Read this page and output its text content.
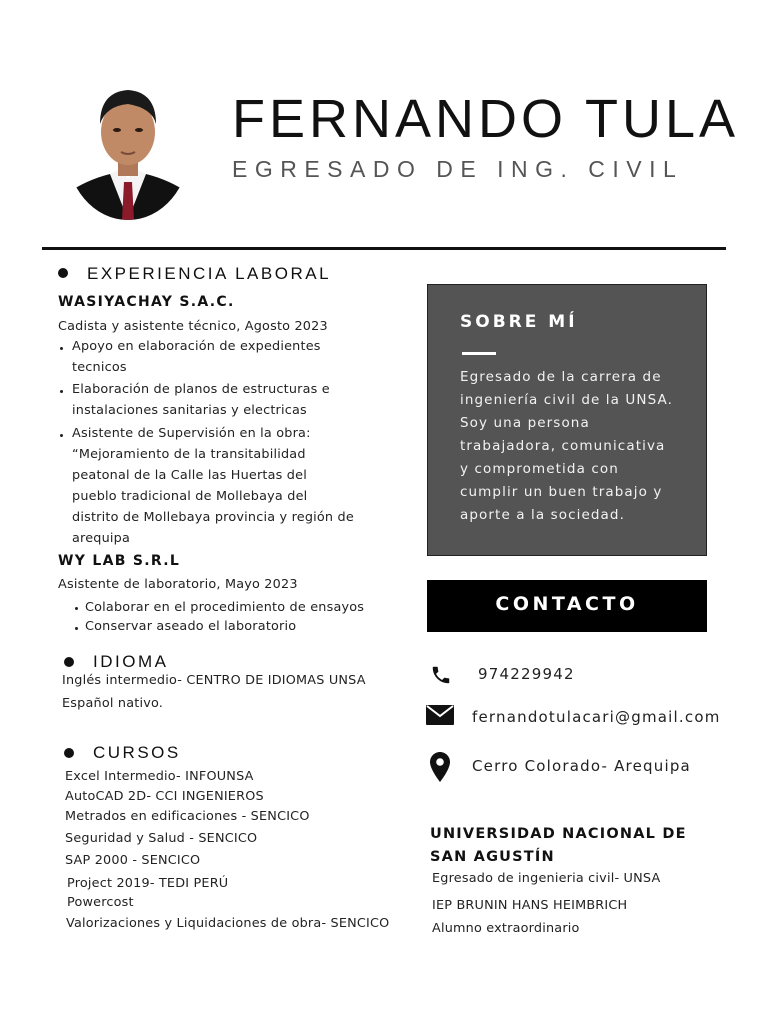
FERNANDO TULA
EGRESADO DE ING. CIVIL
EXPERIENCIA LABORAL
WASIYACHAY S.A.C.
Cadista y asistente técnico, Agosto 2023
Apoyo en elaboración de expedientes
tecnicos
Elaboración de planos de estructuras e
instalaciones sanitarias y electricas
Asistente de Supervisión en la obra:
“Mejoramiento de la transitabilidad
peatonal de la Calle las Huertas del
pueblo tradicional de Mollebaya del
distrito de Mollebaya provincia y región de
arequipa
WY LAB S.R.L
Asistente de laboratorio, Mayo 2023
Colaborar en el procedimiento de ensayos
Conservar aseado el laboratorio
IDIOMA
Inglés intermedio- CENTRO DE IDIOMAS UNSA
Español nativo.
CURSOS
Excel Intermedio- INFOUNSA
AutoCAD 2D- CCI INGENIEROS
Metrados en edificaciones - SENCICO
Seguridad y Salud - SENCICO
SAP 2000 - SENCICO
Project 2019- TEDI PERÚ
Powercost
Valorizaciones y Liquidaciones de obra- SENCICO
SOBRE MÍ
Egresado de la carrera de
ingeniería civil de la UNSA.
Soy una persona
trabajadora, comunicativa
y comprometida con
cumplir un buen trabajo y
aporte a la sociedad.
CONTACTO
974229942
fernandotulacari@gmail.com
Cerro Colorado- Arequipa
UNIVERSIDAD NACIONAL DE
SAN AGUSTÍN
Egresado de ingenieria civil- UNSA
IEP BRUNIN HANS HEIMBRICH
Alumno extraordinario
